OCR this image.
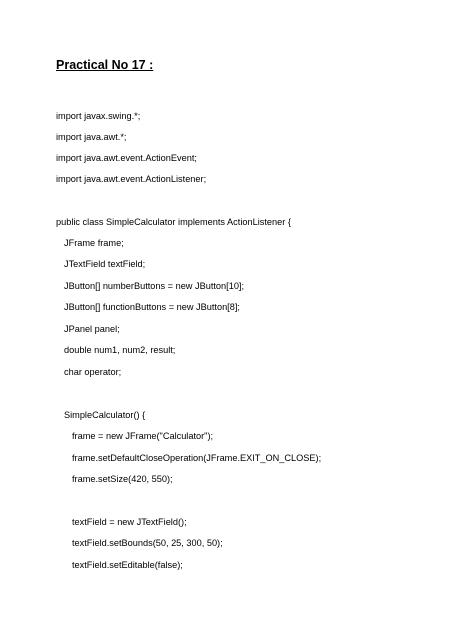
Practical No 17 :
import javax.swing.*;
import java.awt.*;
import java.awt.event.ActionEvent;
import java.awt.event.ActionListener;
public class SimpleCalculator implements ActionListener {
JFrame frame;
JTextField textField;
JButton[] numberButtons = new JButton[10];
JButton[] functionButtons = new JButton[8];
JPanel panel;
double num1, num2, result;
char operator;
SimpleCalculator() {
frame = new JFrame("Calculator");
frame.setDefaultCloseOperation(JFrame.EXIT_ON_CLOSE);
frame.setSize(420, 550);
textField = new JTextField();
textField.setBounds(50, 25, 300, 50);
textField.setEditable(false);
